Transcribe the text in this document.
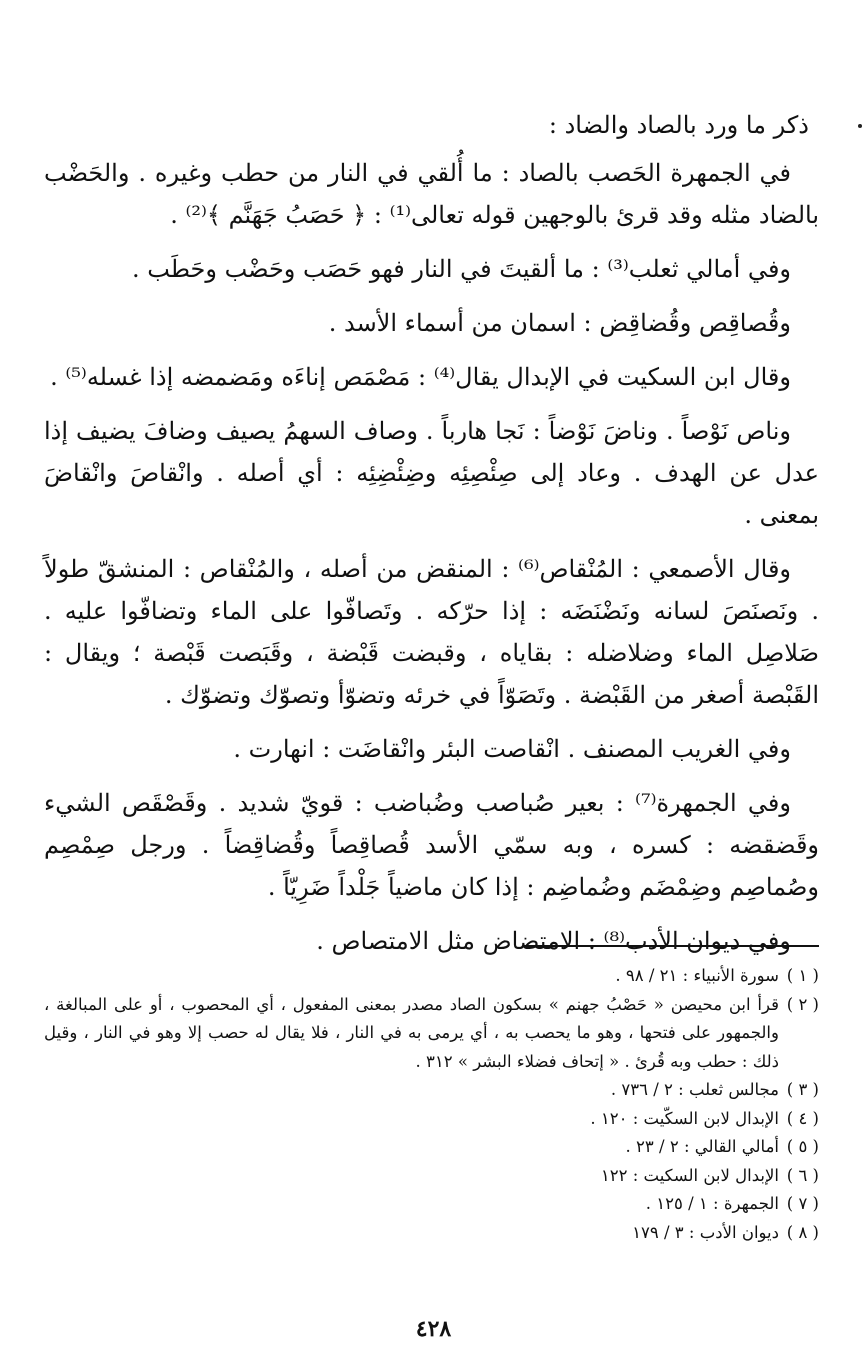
ذكر ما ورد بالصاد والضاد :

في الجمهرة الحَصب بالصاد : ما أُلقي في النار من حطب وغيره . والحَضْب بالضاد مثله وقد قرئ بالوجهين قوله تعالى⁽¹⁾ : ﴿ حَصَبُ جَهَنَّم ﴾⁽²⁾ .

وفي أمالي ثعلب⁽³⁾ : ما ألقيتَ في النار فهو حَصَب وحَضْب وحَطَب .

وقُصاقِص وقُضاقِض : اسمان من أسماء الأسد .

وقال ابن السكيت في الإبدال يقال⁽⁴⁾ : مَصْمَص إناءَه ومَضمضه إذا غسله⁽⁵⁾ .

وناص نَوْصاً . وناضَ نَوْضاً : نَجا هارباً . وصاف السهمُ يصيف وضافَ يضيف إذا عدل عن الهدف . وعاد إلى صِئْصِئِه وضِئْضِئِه : أي أصله . وانْقاصَ وانْقاضَ بمعنى .

وقال الأصمعي : المُنْقاص⁽⁶⁾ : المنقض من أصله ، والمُنْقاص : المنشقّ طولاً . ونَصنَصَ لسانه ونَضْنَضَه : إذا حرّكه . وتَصافّوا على الماء وتضافّوا عليه . صَلاصِل الماء وضلاضله : بقاياه ، وقبضت قَبْضة ، وقَبَصت قَبْصة ؛ ويقال : القَبْصة أصغر من القَبْضة . وتَصَوّاً في خرئه وتضوّأ وتصوّك وتضوّك .

وفي الغريب المصنف . انْقاصت البئر وانْقاضَت : انهارت .

وفي الجمهرة⁽⁷⁾ : بعير صُباصب وضُباضب : قويّ شديد . وقَصْقَص الشيء وقَضقضه : كسره ، وبه سمّي الأسد قُصاقِصاً وقُضاقِضاً . ورجل صِمْصِم وصُماصِم وضِمْضَم وضُماضِم : إذا كان ماضياً جَلْداً ضَرِيّاً .

وفي ديوان الأدب⁽⁸⁾ : الامتضاض مثل الامتصاص .

( ١ )
سورة الأنبياء : ٢١ / ٩٨ .
( ٢ )
قرأ ابن محيصن « حَصْبُ جهنم » بسكون الصاد مصدر بمعنى المفعول ، أي المحصوب ، أو على المبالغة ، والجمهور على فتحها ، وهو ما يحصب به ، أي يرمى به في النار ، فلا يقال له حصب إلا وهو في النار ، وقيل ذلك : حطب وبه قُرئ . « إتحاف فضلاء البشر » ٣١٢ .
( ٣ )
مجالس ثعلب : ٢ / ٧٣٦ .
( ٤ )
الإبدال لابن السكّيت : ١٢٠ .
( ٥ )
أمالي القالي : ٢ / ٢٣ .
( ٦ )
الإبدال لابن السكيت : ١٢٢
( ٧ )
الجمهرة : ١ / ١٢٥ .
( ٨ )
ديوان الأدب : ٣ / ١٧٩
٤٢٨
